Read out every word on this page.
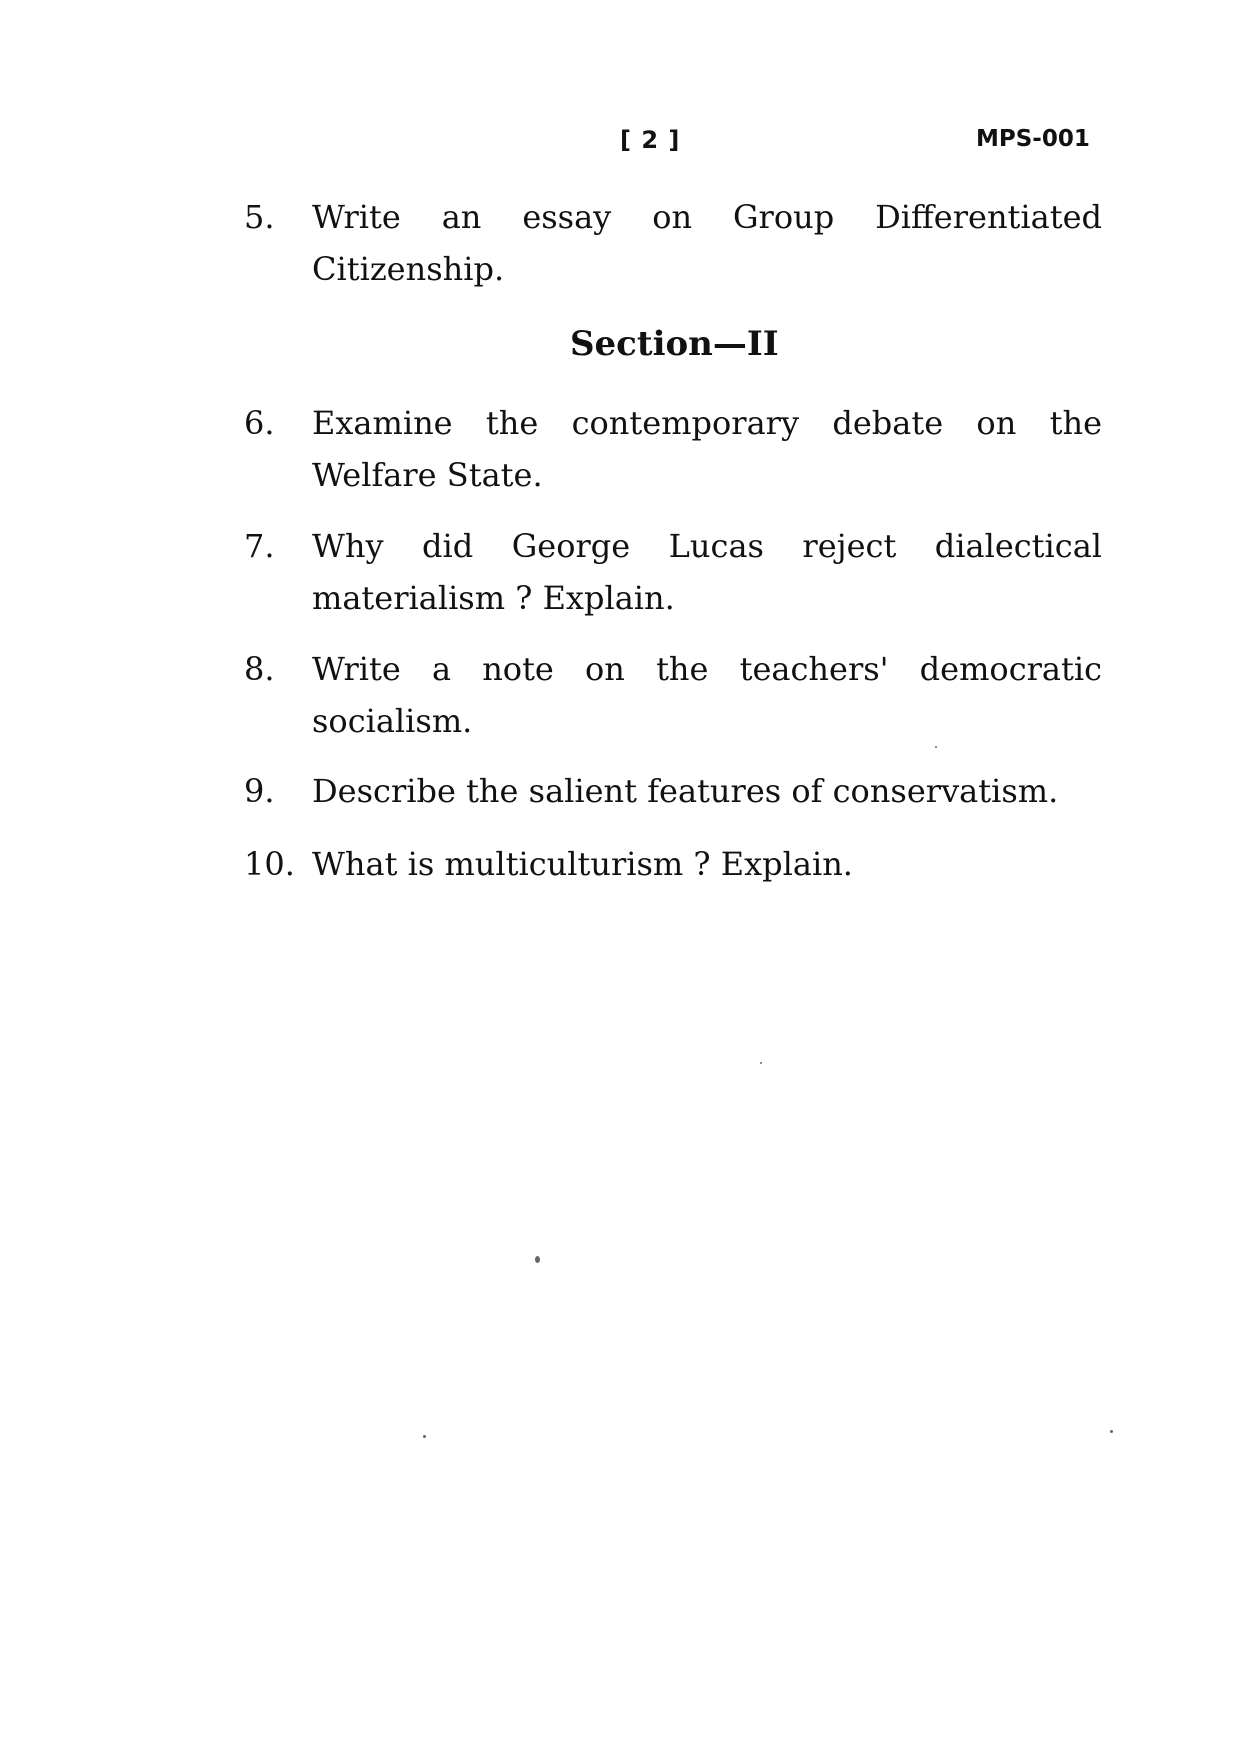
[ 2 ]	MPS-001
5.	Write an essay on Group Differentiated Citizenship.
Section—II
6.	Examine the contemporary debate on the Welfare State.
7.	Why did George Lucas reject dialectical materialism ? Explain.
8.	Write a note on the teachers' democratic socialism.
9.	Describe the salient features of conservatism.
10. What is multiculturism ? Explain.
